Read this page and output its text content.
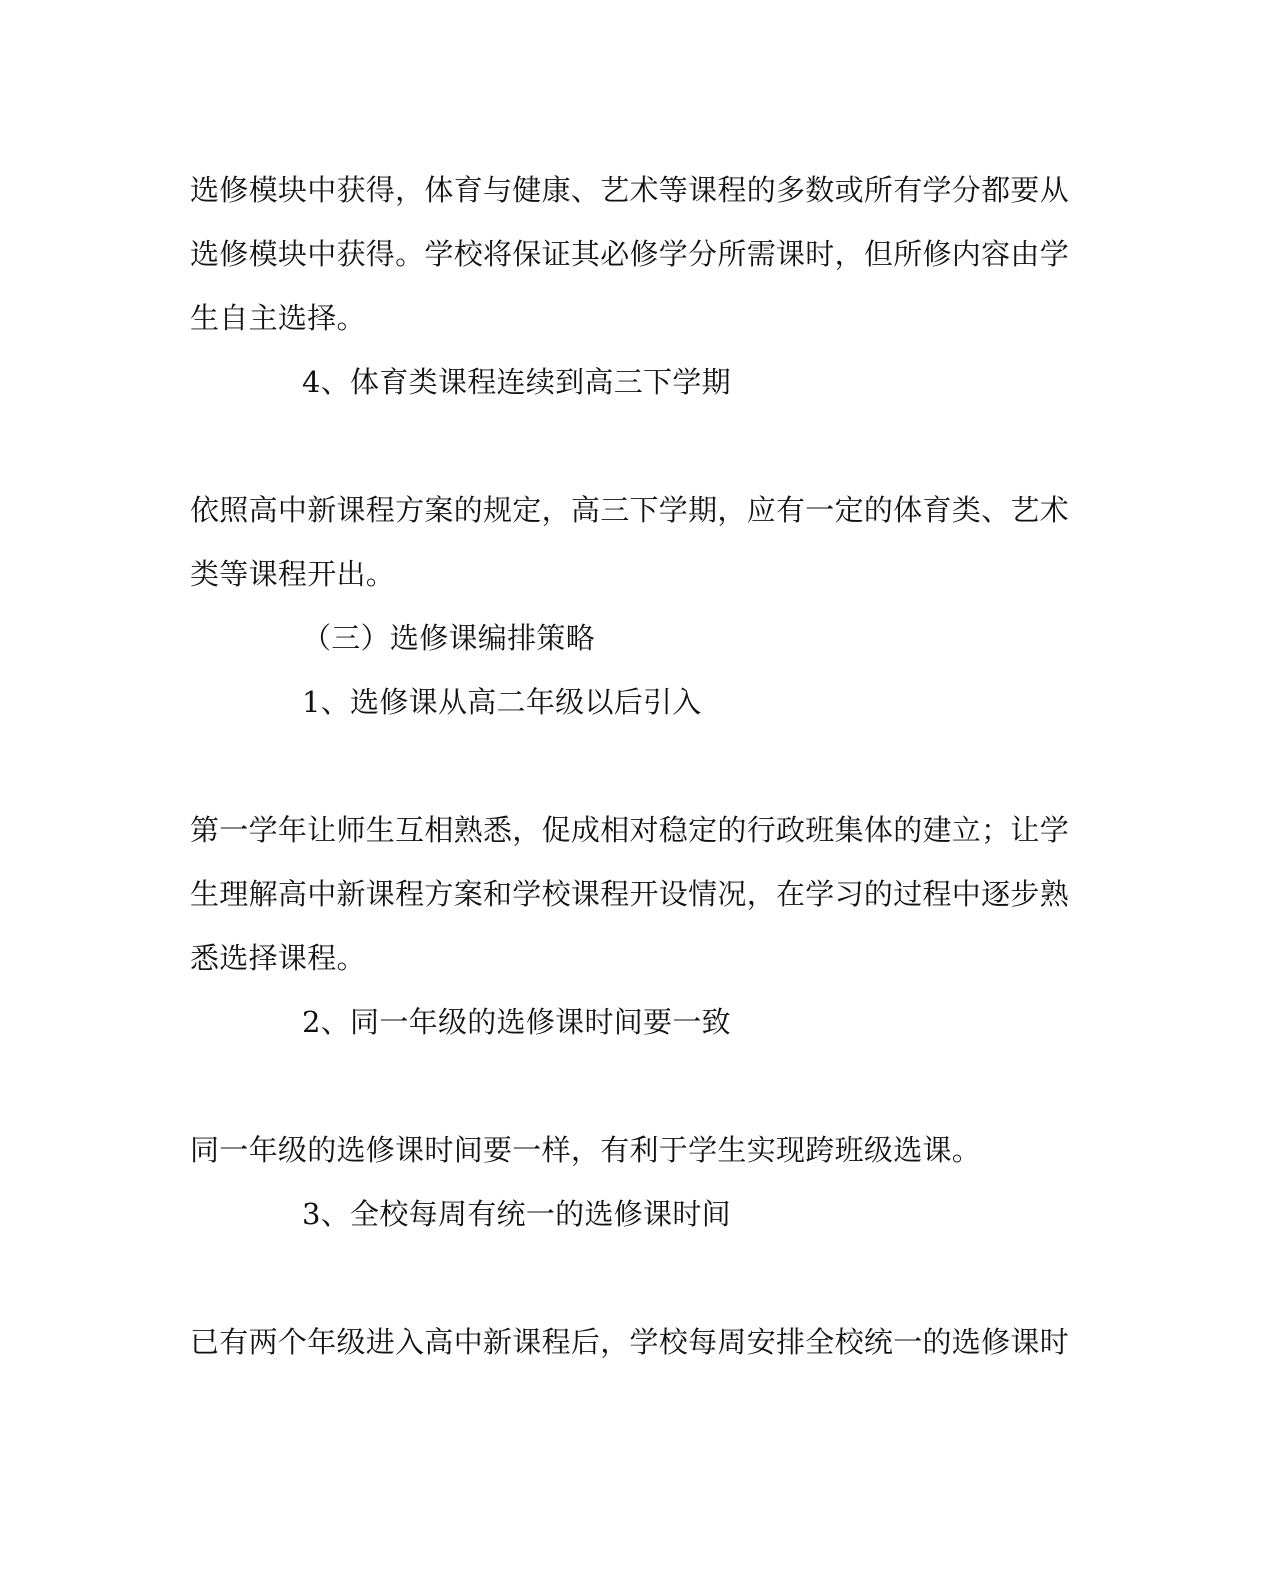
选修模块中获得，体育与健康、艺术等课程的多数或所有学分都要从
选修模块中获得。学校将保证其必修学分所需课时，但所修内容由学
生自主选择。
4、体育类课程连续到高三下学期
依照高中新课程方案的规定，高三下学期，应有一定的体育类、艺术
类等课程开出。
（三）选修课编排策略
1、选修课从高二年级以后引入
第一学年让师生互相熟悉，促成相对稳定的行政班集体的建立；让学
生理解高中新课程方案和学校课程开设情况，在学习的过程中逐步熟
悉选择课程。
2、同一年级的选修课时间要一致
同一年级的选修课时间要一样，有利于学生实现跨班级选课。
3、全校每周有统一的选修课时间
已有两个年级进入高中新课程后，学校每周安排全校统一的选修课时
